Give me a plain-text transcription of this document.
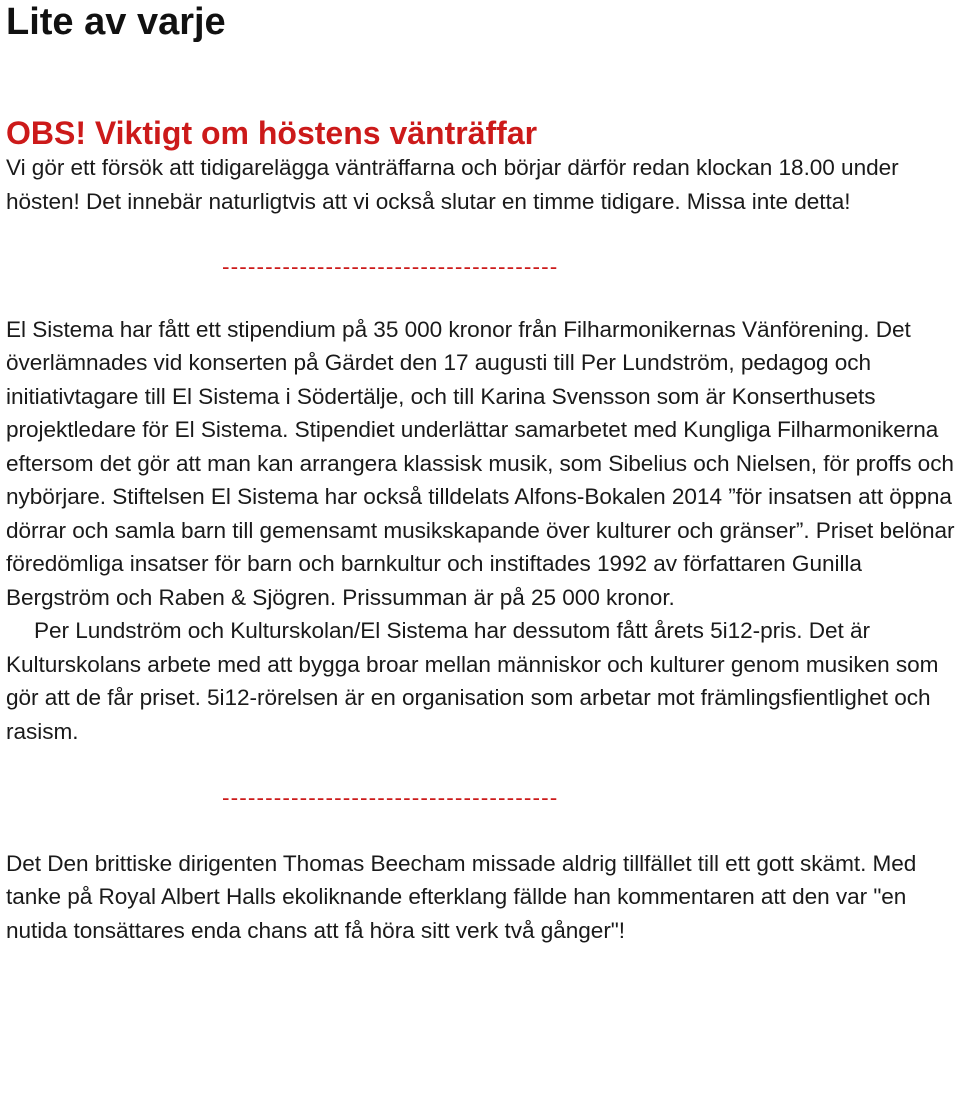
Lite av varje
OBS! Viktigt om höstens vänträffar

Vi gör ett försök att tidigarelägga vänträffarna och börjar därför redan klockan 18.00 under hösten! Det innebär naturligtvis att vi också slutar en timme tidigare. Missa inte detta!

---------------------------------------

El Sistema har fått ett stipendium på 35 000 kronor från Filharmonikernas Vänförening. Det överlämnades vid konserten på Gärdet den 17 augusti till Per Lundström, pedagog och initiativtagare till El Sistema i Södertälje, och till Karina Svensson som är Konserthusets projektledare för El Sistema. Stipendiet underlättar samarbetet med Kungliga Filharmonikerna eftersom det gör att man kan arrangera klassisk musik, som Sibelius och Nielsen, för proffs och nybörjare. Stiftelsen El Sistema har också tilldelats Alfons-Bokalen 2014 ”för insatsen att öppna dörrar och samla barn till gemensamt musikskapande över kulturer och gränser”. Priset belönar föredömliga insatser för barn och barnkultur och instiftades 1992 av författaren Gunilla Bergström och Raben & Sjögren. Prissumman är på 25 000 kronor.

Per Lundström och Kulturskolan/El Sistema har dessutom fått årets 5i12-pris. Det är Kulturskolans arbete med att bygga broar mellan människor och kulturer genom musiken som gör att de får priset. 5i12-rörelsen är en organisation som arbetar mot främlingsfientlighet och rasism.

---------------------------------------

Det Den brittiske dirigenten Thomas Beecham missade aldrig tillfället till ett gott skämt. Med tanke på Royal Albert Halls ekoliknande efterklang fällde han kommentaren att den var "en nutida tonsättares enda chans att få höra sitt verk två gånger"!
